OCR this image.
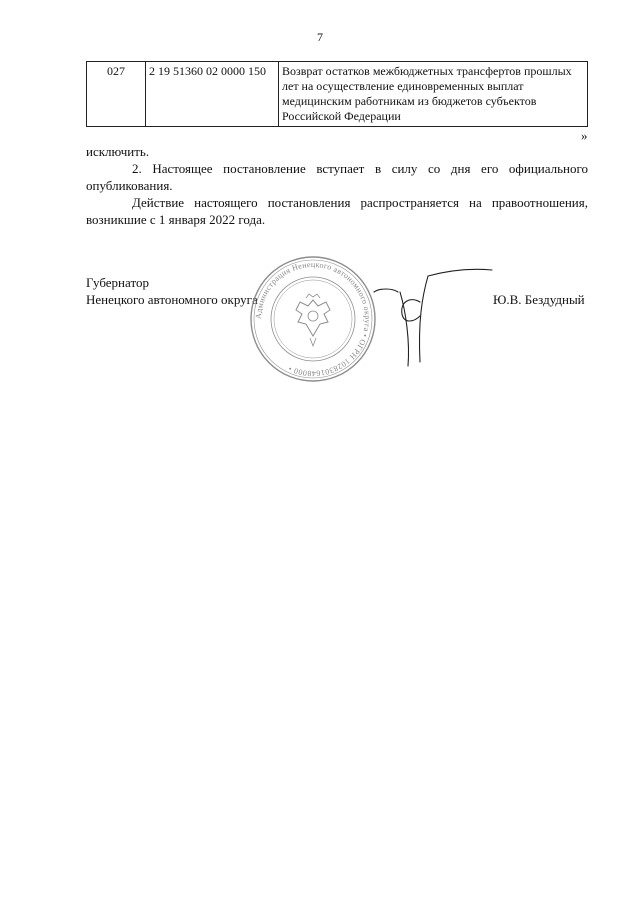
7
027	2 19 51360 02 0000 150	Возврат остатков межбюджетных трансфертов прошлых лет на осуществление единовременных выплат медицинским работникам из бюджетов субъектов Российской Федерации
»
исключить.
2. Настоящее постановление вступает в силу со дня его официального опубликования.
Действие настоящего постановления распространяется на правоотношения, возникшие с 1 января 2022 года.
Губернатор
Ненецкого автономного округа
Администрация Ненецкого автономного округа • ОГРН 1028301648000 •
Ю.В. Бездудный
